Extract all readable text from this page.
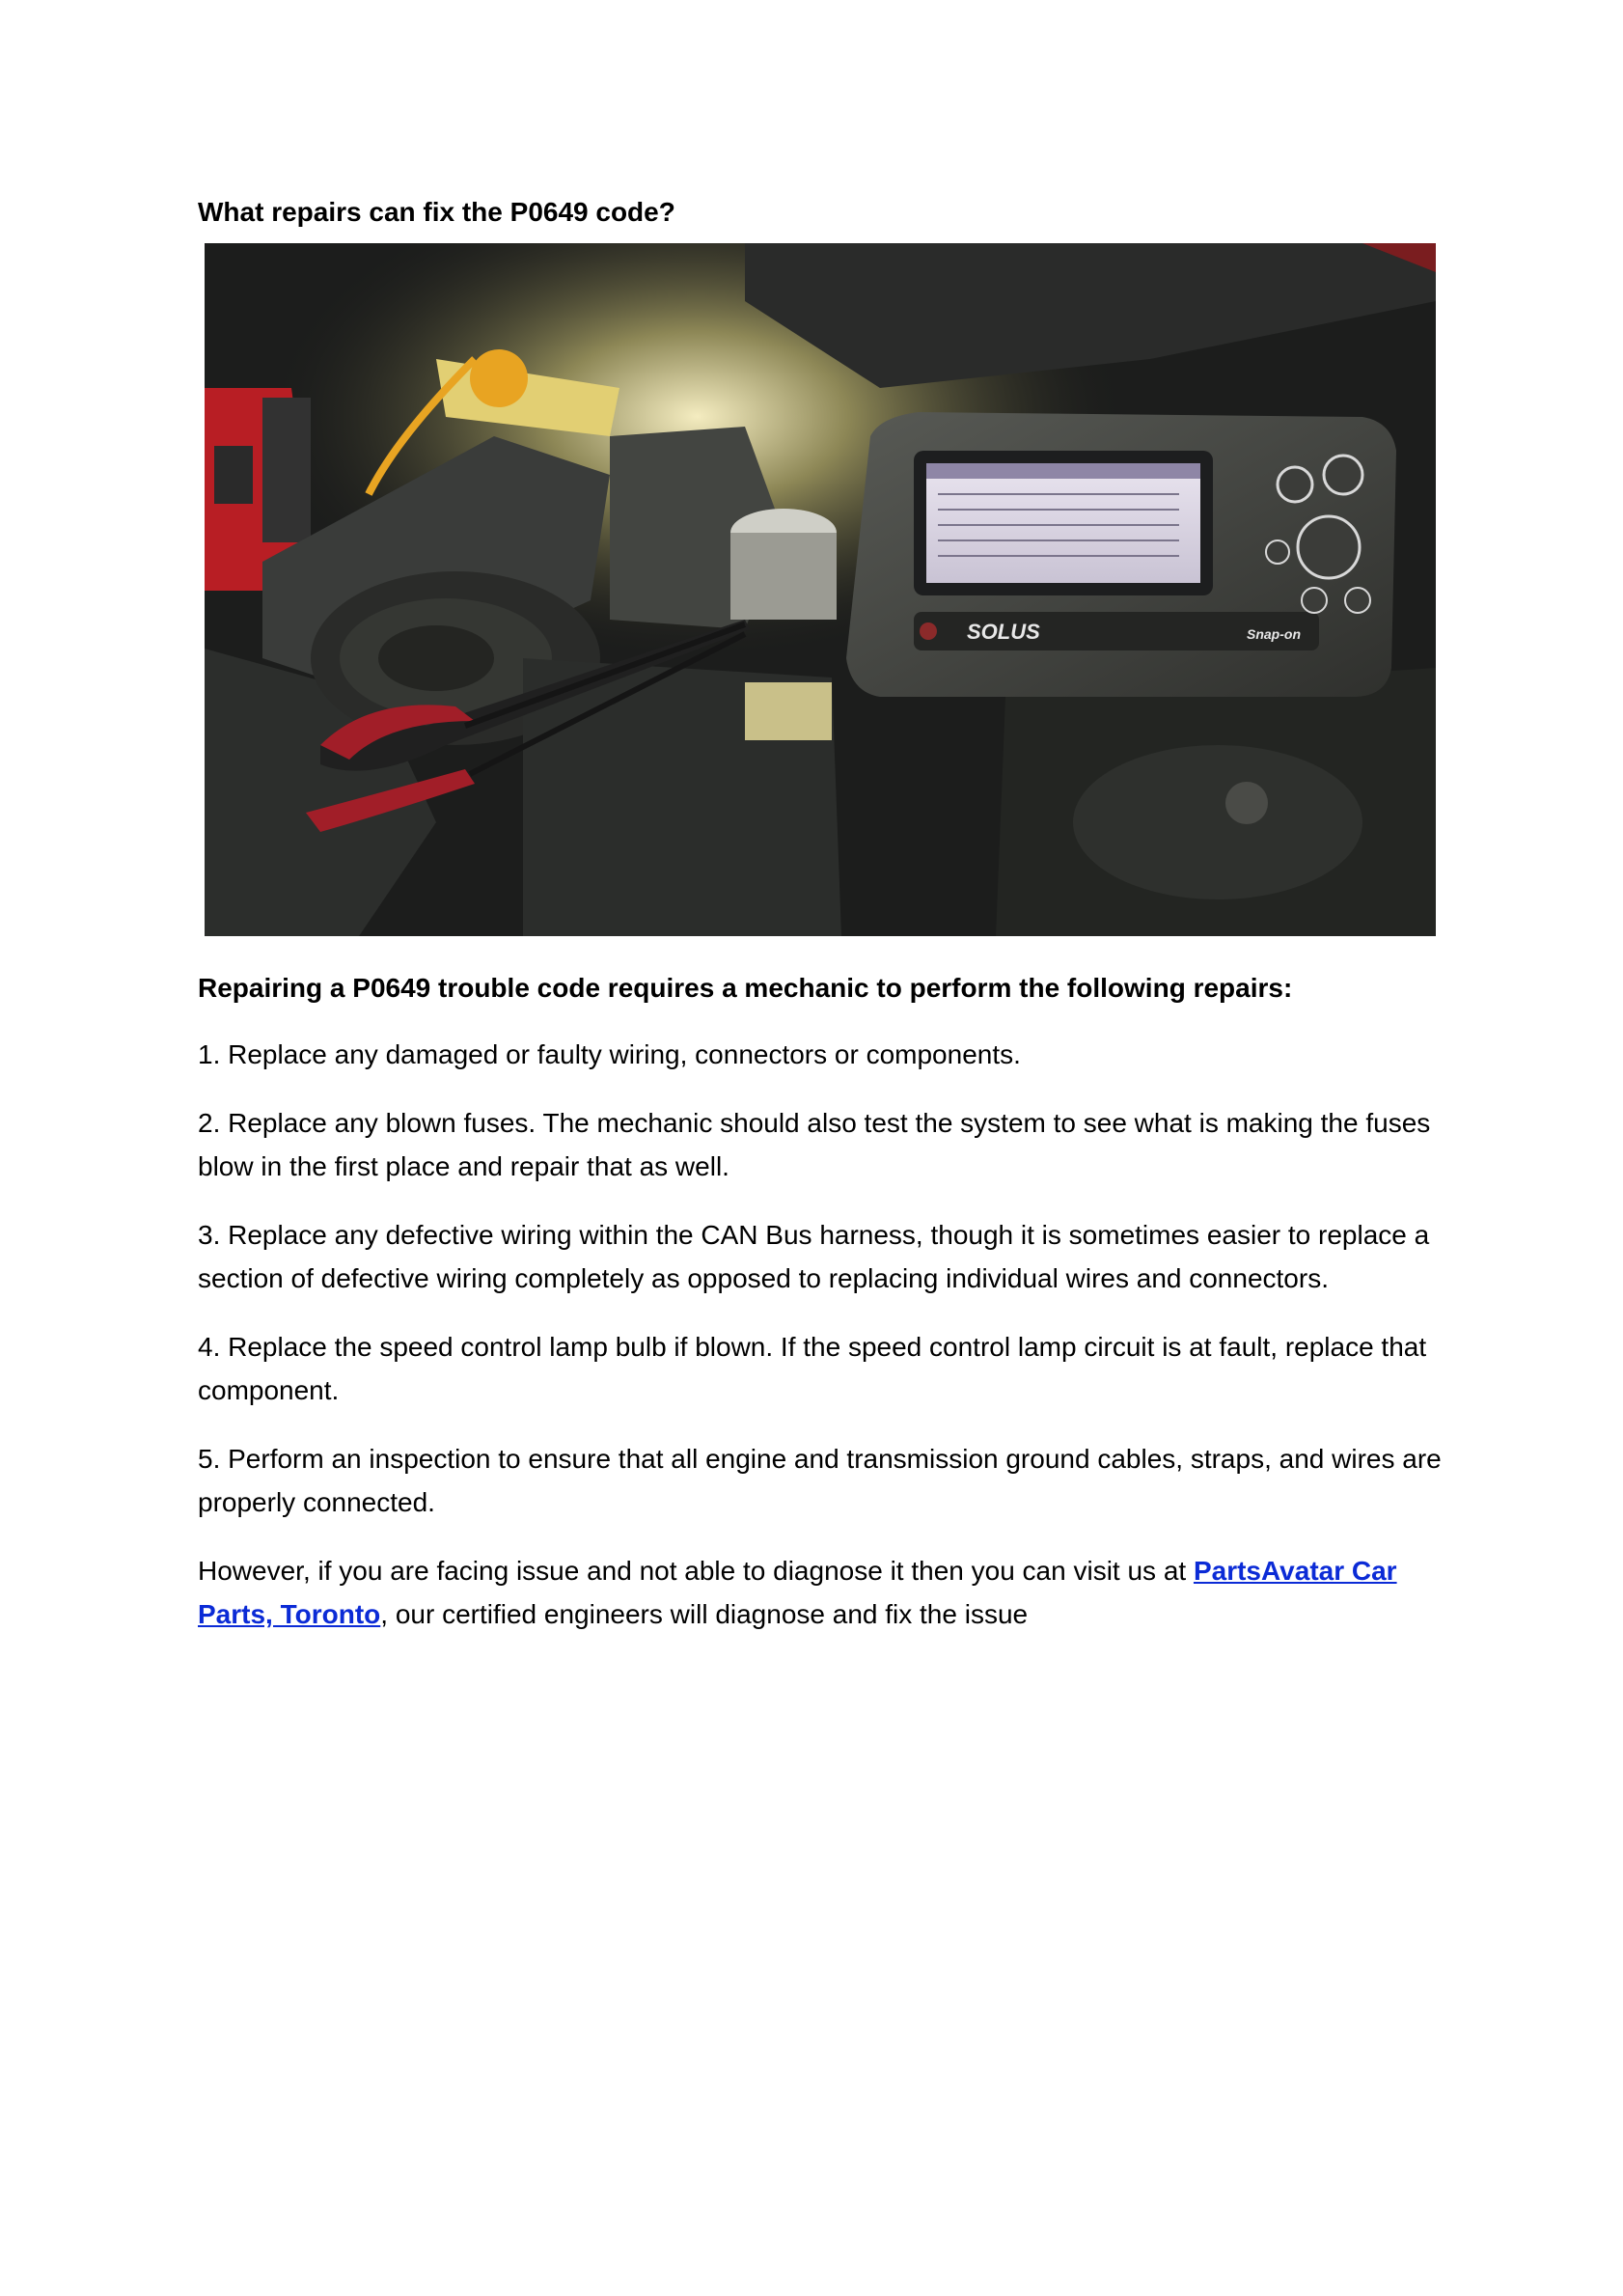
What repairs can fix the P0649 code?

SOLUS	Snap-on

Repairing a P0649 trouble code requires a mechanic to perform the following repairs:

1. Replace any damaged or faulty wiring, connectors or components.

2. Replace any blown fuses. The mechanic should also test the system to see what is making the fuses blow in the first place and repair that as well.

3. Replace any defective wiring within the CAN Bus harness, though it is sometimes easier to replace a section of defective wiring completely as opposed to replacing individual wires and connectors.

4. Replace the speed control lamp bulb if blown. If the speed control lamp circuit is at fault, replace that component.

5. Perform an inspection to ensure that all engine and transmission ground cables, straps, and wires are properly connected.

However, if you are facing issue and not able to diagnose it then you can visit us at PartsAvatar Car Parts, Toronto, our certified engineers will diagnose and fix the issue
